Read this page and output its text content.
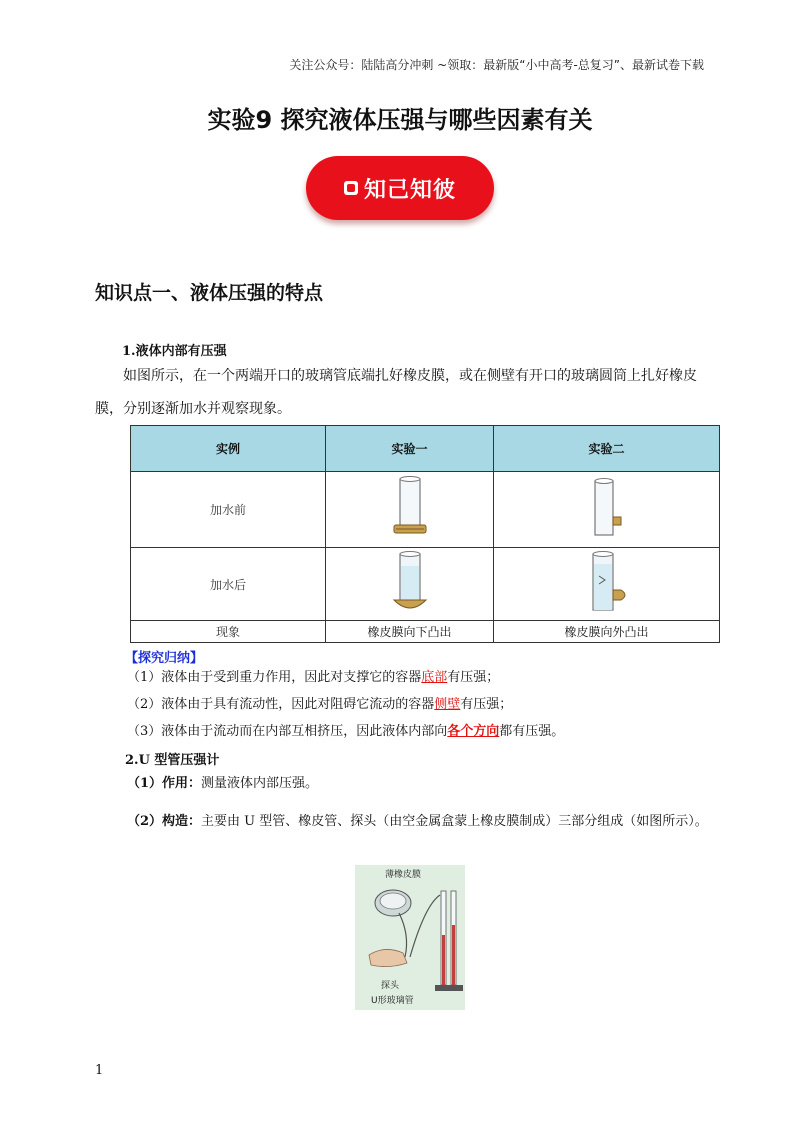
关注公众号：陆陆高分冲刺 ~领取：最新版“小中高考-总复习”、最新试卷下载
实验9 探究液体压强与哪些因素有关
知己知彼
知识点一、液体压强的特点
1.液体内部有压强

如图所示，在一个两端开口的玻璃管底端扎好橡皮膜，或在侧壁有开口的玻璃圆筒上扎好橡皮膜，分别逐渐加水并观察现象。

实例	实验一	实验二
加水前		
加水后		
现象	橡皮膜向下凸出	橡皮膜向外凸出
【探究归纳】
（1）液体由于受到重力作用，因此对支撑它的容器底部有压强；
（2）液体由于具有流动性，因此对阻碍它流动的容器侧壁有压强；
（3）液体由于流动而在内部互相挤压，因此液体内部向各个方向都有压强。
2.U 型管压强计
（1）作用：测量液体内部压强。
（2）构造：主要由 U 型管、橡皮管、探头（由空金属盒蒙上橡皮膜制成）三部分组成（如图所示）。
薄橡皮膜
探头
U形玻璃管
1
